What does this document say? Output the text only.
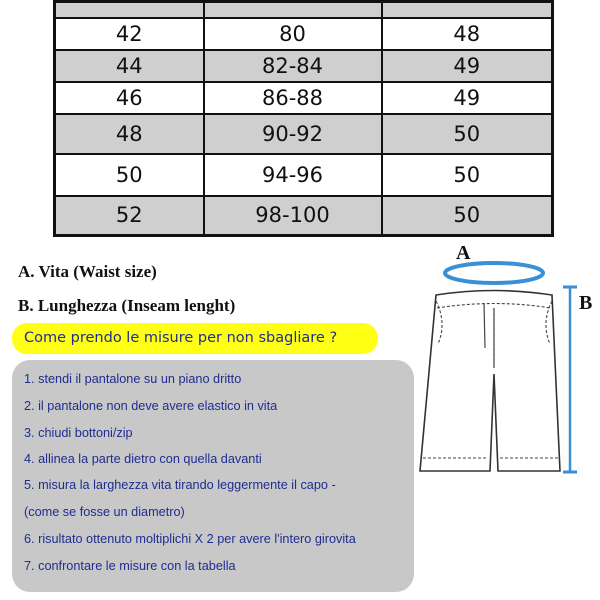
42	80	48
44	82-84	49
46	86-88	49
48	90-92	50
50	94-96	50
52	98-100	50
A. Vita (Waist size)
B. Lunghezza (Inseam lenght)
Come prendo le misure per non sbagliare ?
1. stendi il pantalone su un piano dritto
2. il pantalone non deve avere elastico in vita
3. chiudi bottoni/zip
4. allinea la parte dietro con quella davanti
5. misura la larghezza vita tirando leggermente il capo -
(come se fosse un diametro)
6. risultato ottenuto moltiplichi X 2 per avere l'intero girovita
7. confrontare le misure con la tabella
A
B
